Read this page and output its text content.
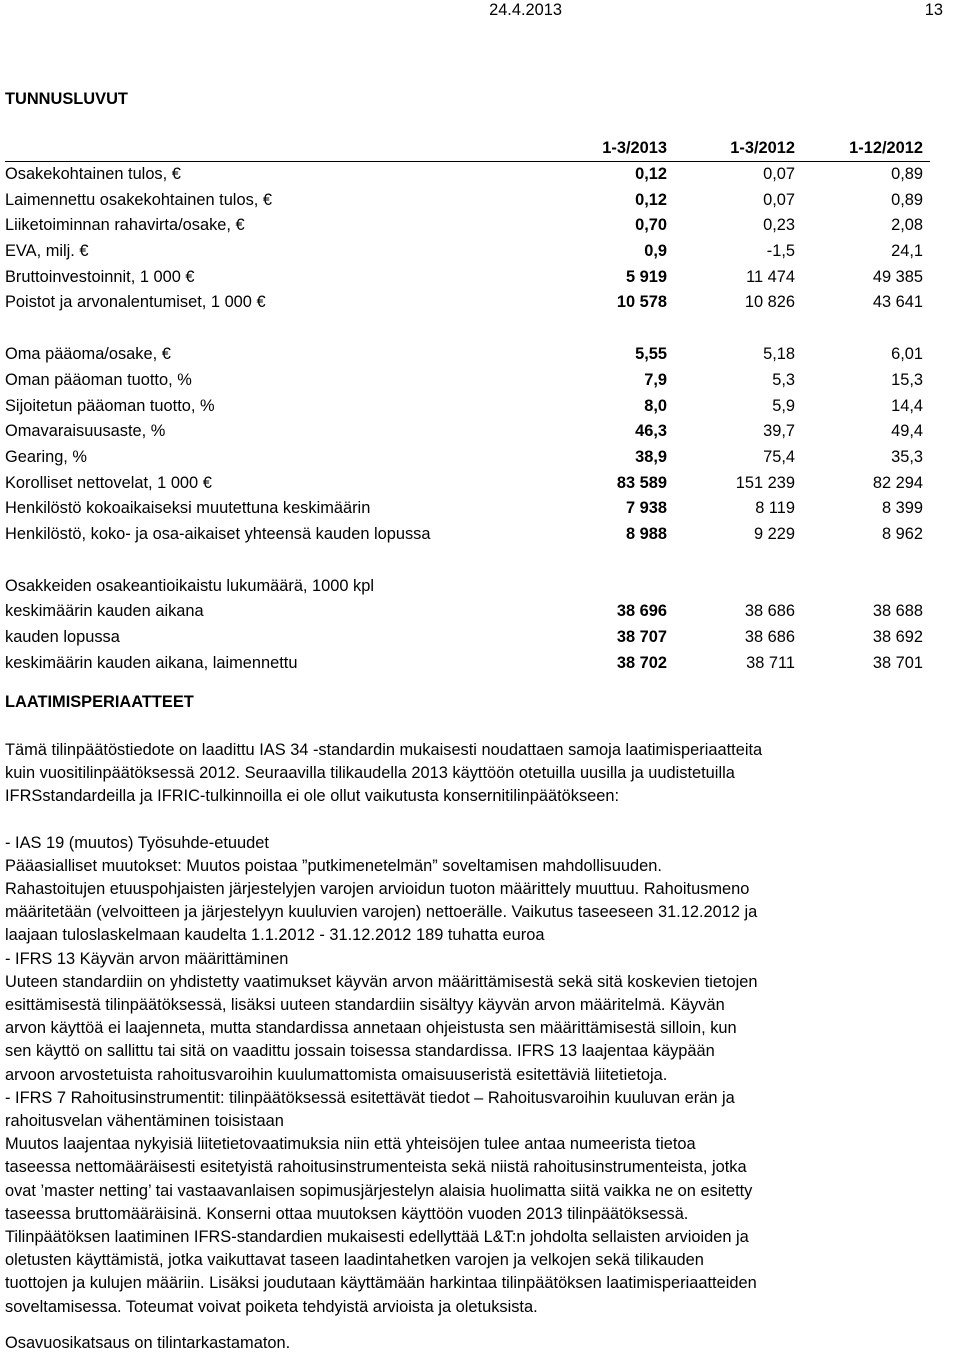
24.4.2013	13
TUNNUSLUVUT
1-3/2013	1-3/2012	1-12/2012
Osakekohtainen tulos, €	0,12	0,07	0,89
Laimennettu osakekohtainen tulos, €	0,12	0,07	0,89
Liiketoiminnan rahavirta/osake, €	0,70	0,23	2,08
EVA, milj. €	0,9	-1,5	24,1
Bruttoinvestoinnit, 1 000 €	5 919	11 474	49 385
Poistot ja arvonalentumiset, 1 000 €	10 578	10 826	43 641
Oma pääoma/osake, €	5,55	5,18	6,01
Oman pääoman tuotto, %	7,9	5,3	15,3
Sijoitetun pääoman tuotto, %	8,0	5,9	14,4
Omavaraisuusaste, %	46,3	39,7	49,4
Gearing, %	38,9	75,4	35,3
Korolliset nettovelat, 1 000 €	83 589	151 239	82 294
Henkilöstö kokoaikaiseksi muutettuna keskimäärin	7 938	8 119	8 399
Henkilöstö, koko- ja osa-aikaiset yhteensä kauden lopussa	8 988	9 229	8 962
Osakkeiden osakeantioikaistu lukumäärä, 1000 kpl
keskimäärin kauden aikana	38 696	38 686	38 688
kauden lopussa	38 707	38 686	38 692
keskimäärin kauden aikana, laimennettu	38 702	38 711	38 701
LAATIMISPERIAATTEET
Tämä tilinpäätöstiedote on laadittu IAS 34 -standardin mukaisesti noudattaen samoja laatimisperiaatteita
kuin vuositilinpäätöksessä 2012. Seuraavilla tilikaudella 2013 käyttöön otetuilla uusilla ja uudistetuilla
IFRSstandardeilla ja IFRIC-tulkinnoilla ei ole ollut vaikutusta konsernitilinpäätökseen:
- IAS 19 (muutos) Työsuhde-etuudet
Pääasialliset muutokset: Muutos poistaa ”putkimenetelmän” soveltamisen mahdollisuuden.
Rahastoitujen etuuspohjaisten järjestelyjen varojen arvioidun tuoton määrittely muuttuu. Rahoitusmeno
määritetään (velvoitteen ja järjestelyyn kuuluvien varojen) nettoerälle. Vaikutus taseeseen 31.12.2012 ja
laajaan tuloslaskelmaan kaudelta 1.1.2012 - 31.12.2012 189 tuhatta euroa
- IFRS 13 Käyvän arvon määrittäminen
Uuteen standardiin on yhdistetty vaatimukset käyvän arvon määrittämisestä sekä sitä koskevien tietojen
esittämisestä tilinpäätöksessä, lisäksi uuteen standardiin sisältyy käyvän arvon määritelmä. Käyvän
arvon käyttöä ei laajenneta, mutta standardissa annetaan ohjeistusta sen määrittämisestä silloin, kun
sen käyttö on sallittu tai sitä on vaadittu jossain toisessa standardissa. IFRS 13 laajentaa käypään
arvoon arvostetuista rahoitusvaroihin kuulumattomista omaisuuseristä esitettäviä liitetietoja.
- IFRS 7 Rahoitusinstrumentit: tilinpäätöksessä esitettävät tiedot – Rahoitusvaroihin kuuluvan erän ja
rahoitusvelan vähentäminen toisistaan
Muutos laajentaa nykyisiä liitetietovaatimuksia niin että yhteisöjen tulee antaa numeerista tietoa
taseessa nettomääräisesti esitetyistä rahoitusinstrumenteista sekä niistä rahoitusinstrumenteista, jotka
ovat ’master netting’ tai vastaavanlaisen sopimusjärjestelyn alaisia huolimatta siitä vaikka ne on esitetty
taseessa bruttomääräisinä. Konserni ottaa muutoksen käyttöön vuoden 2013 tilinpäätöksessä.
Tilinpäätöksen laatiminen IFRS-standardien mukaisesti edellyttää L&T:n johdolta sellaisten arvioiden ja
oletusten käyttämistä, jotka vaikuttavat taseen laadintahetken varojen ja velkojen sekä tilikauden
tuottojen ja kulujen määriin. Lisäksi joudutaan käyttämään harkintaa tilinpäätöksen laatimisperiaatteiden
soveltamisessa. Toteumat voivat poiketa tehdyistä arvioista ja oletuksista.
Osavuosikatsaus on tilintarkastamaton.
